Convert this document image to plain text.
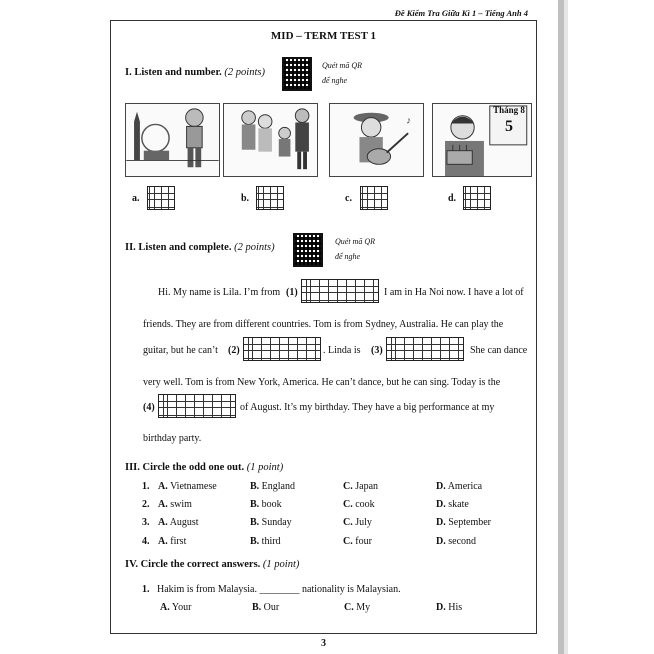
Đề Kiểm Tra Giữa Kì 1 – Tiếng Anh 4
MID – TERM TEST 1
I. Listen and number. (2 points)
Quét mã QR
để nghe
♪
Tháng 8
5
a.	b.	c.	d.
II. Listen and complete. (2 points)
Quét mã QR
để nghe
Hi. My name is Lila. I’m from (1)	I am in Ha Noi now. I have a lot of
friends. They are from different countries. Tom is from Sydney, Australia. He can play the
guitar, but he can’t (2)	. Linda is (3)	She can dance
very well. Tom is from New York, America. He can’t dance, but he can sing. Today is the
(4)	of August. It’s my birthday. They have a big performance at my
birthday party.
III. Circle the odd one out. (1 point)
1. A. Vietnamese	B. England	C. Japan	D. America
2. A. swim	B. book	C. cook	D. skate
3. A. August	B. Sunday	C. July	D. September
4. A. first	B. third	C. four	D. second
IV. Circle the correct answers. (1 point)
1. Hakim is from Malaysia. ________ nationality is Malaysian.
A. Your	B. Our	C. My	D. His
3
